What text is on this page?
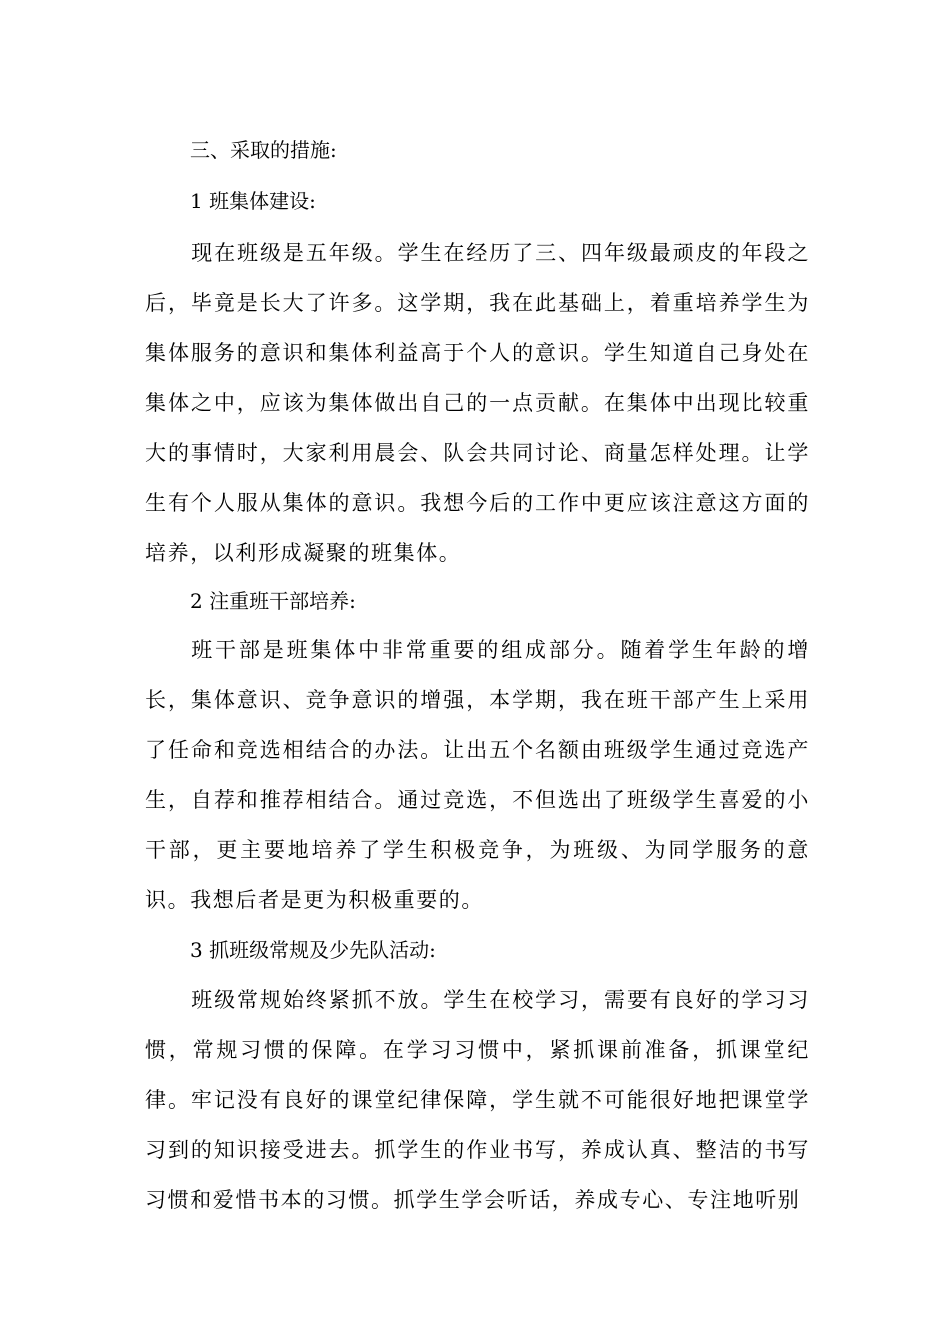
三、采取的措施:
1 班集体建设:

现在班级是五年级。学生在经历了三、四年级最顽皮的年段之后，毕竟是长大了许多。这学期，我在此基础上，着重培养学生为集体服务的意识和集体利益高于个人的意识。学生知道自己身处在集体之中，应该为集体做出自己的一点贡献。在集体中出现比较重大的事情时，大家利用晨会、队会共同讨论、商量怎样处理。让学生有个人服从集体的意识。我想今后的工作中更应该注意这方面的培养，以利形成凝聚的班集体。

2 注重班干部培养:

班干部是班集体中非常重要的组成部分。随着学生年龄的增长，集体意识、竞争意识的增强，本学期，我在班干部产生上采用了任命和竞选相结合的办法。让出五个名额由班级学生通过竞选产生，自荐和推荐相结合。通过竞选，不但选出了班级学生喜爱的小干部，更主要地培养了学生积极竞争，为班级、为同学服务的意识。我想后者是更为积极重要的。

3 抓班级常规及少先队活动:

班级常规始终紧抓不放。学生在校学习，需要有良好的学习习惯，常规习惯的保障。在学习习惯中，紧抓课前准备，抓课堂纪律。牢记没有良好的课堂纪律保障，学生就不可能很好地把课堂学习到的知识接受进去。抓学生的作业书写，养成认真、整洁的书写习惯和爱惜书本的习惯。抓学生学会听话，养成专心、专注地听别
